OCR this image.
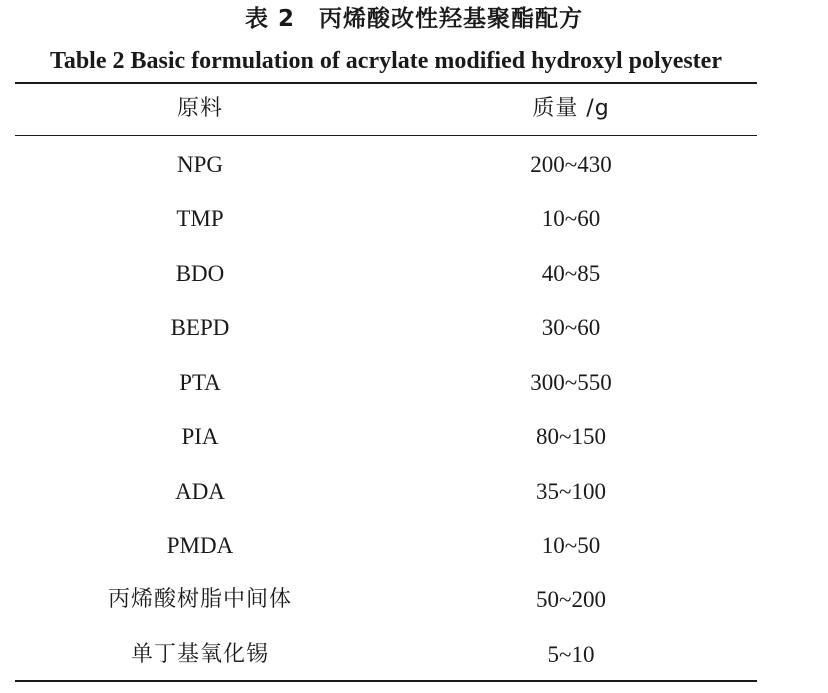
表 2　丙烯酸改性羟基聚酯配方
Table 2 Basic formulation of acrylate modified hydroxyl polyester
原料	质量 /g
NPG	200~430
TMP	10~60
BDO	40~85
BEPD	30~60
PTA	300~550
PIA	80~150
ADA	35~100
PMDA	10~50
丙烯酸树脂中间体	50~200
单丁基氧化锡	5~10
